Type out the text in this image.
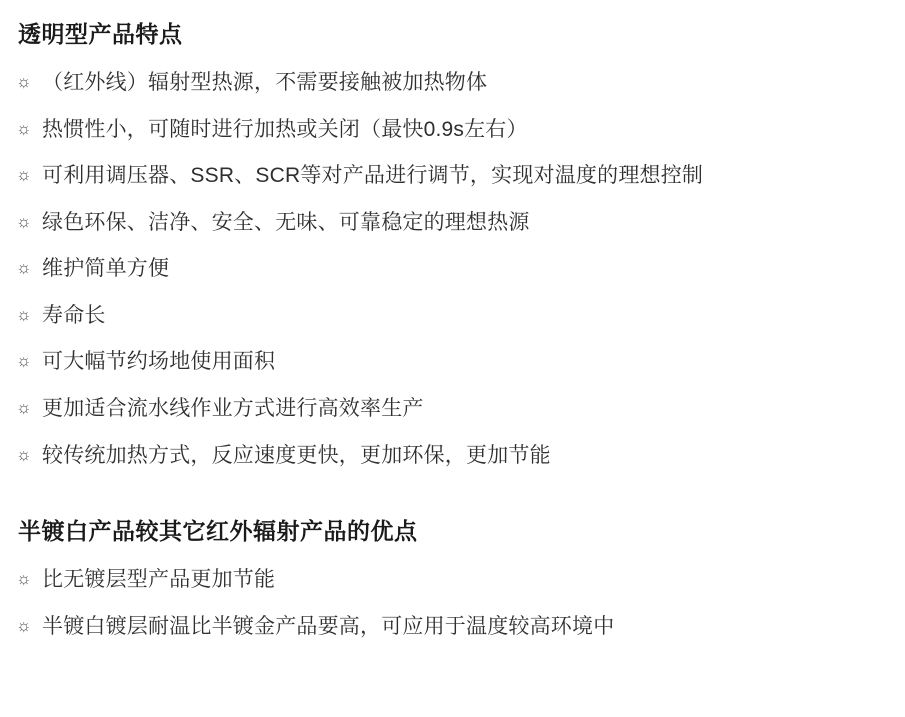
透明型产品特点
☼ （红外线）辐射型热源，不需要接触被加热物体
☼ 热惯性小，可随时进行加热或关闭（最快0.9s左右）
☼ 可利用调压器、SSR、SCR等对产品进行调节，实现对温度的理想控制
☼ 绿色环保、洁净、安全、无味、可靠稳定的理想热源
☼ 维护简单方便
☼ 寿命长
☼ 可大幅节约场地使用面积
☼ 更加适合流水线作业方式进行高效率生产
☼ 较传统加热方式，反应速度更快，更加环保，更加节能
半镀白产品较其它红外辐射产品的优点
☼ 比无镀层型产品更加节能
☼ 半镀白镀层耐温比半镀金产品要高，可应用于温度较高环境中
